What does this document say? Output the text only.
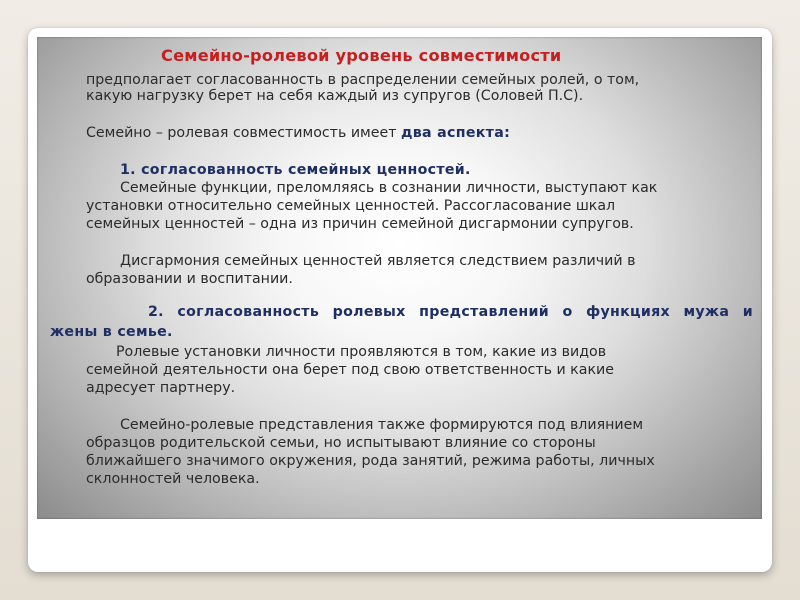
Семейно-ролевой уровень совместимости

предполагает согласованность в распределении семейных ролей, о том,

какую нагрузку берет на себя каждый из супругов (Соловей П.С).

Семейно – ролевая совместимость имеет два аспекта:

1. согласованность семейных ценностей.

Семейные функции, преломляясь в сознании личности, выступают как

установки относительно семейных ценностей. Рассогласование шкал

семейных ценностей – одна из причин семейной дисгармонии супругов.

Дисгармония семейных ценностей является следствием различий в

образовании и воспитании.

2. согласованность ролевых представлений о функциях мужа и

жены в семье.

Ролевые установки личности проявляются в том, какие из видов

семейной деятельности она берет под свою ответственность и какие

адресует партнеру.

Семейно-ролевые представления также формируются под влиянием

образцов родительской семьи, но испытывают влияние со стороны

ближайшего значимого окружения, рода занятий, режима работы, личных

склонностей человека.
